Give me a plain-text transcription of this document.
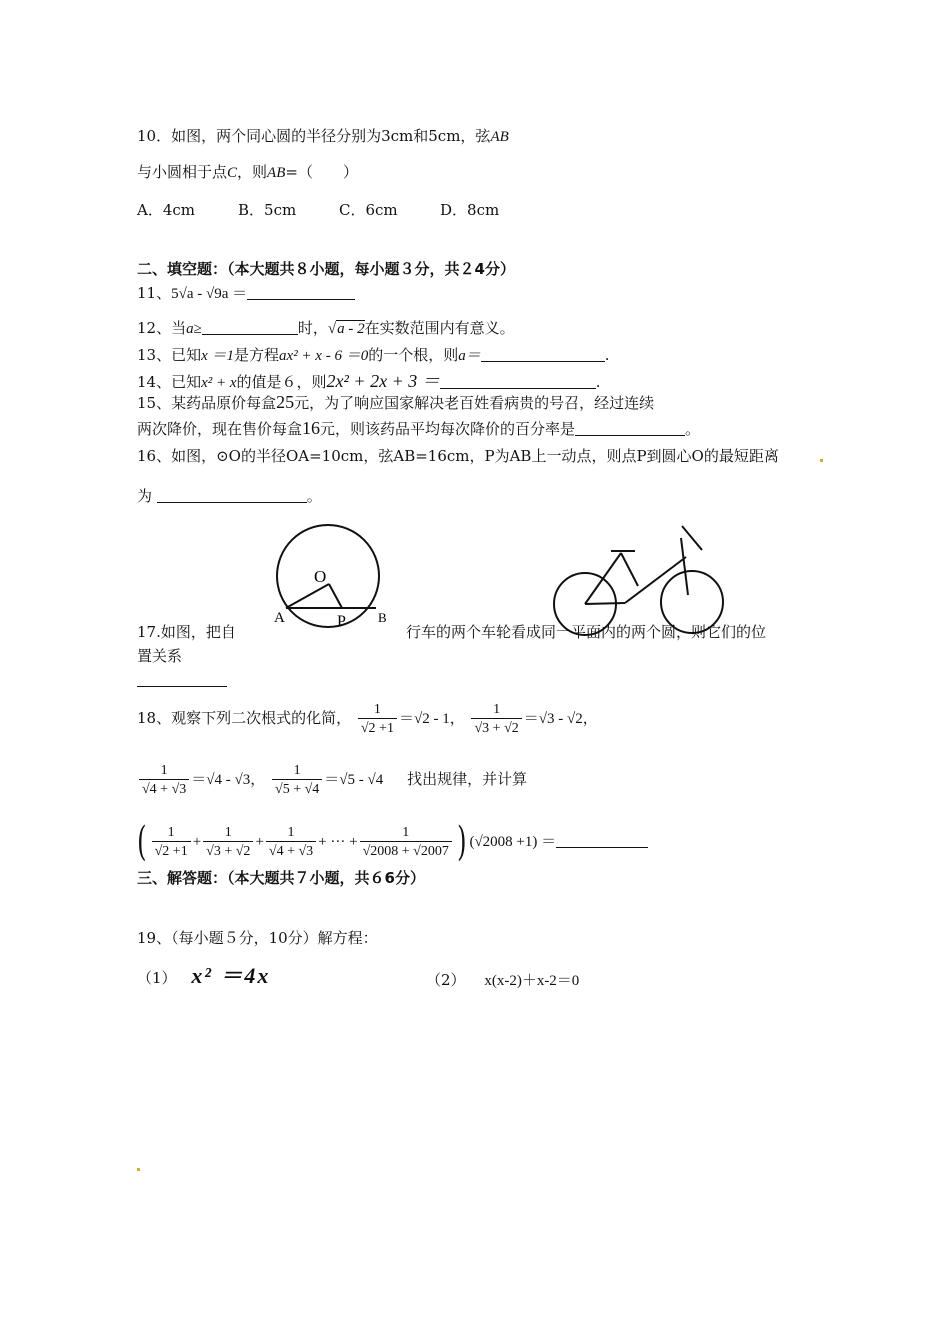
10．如图，两个同心圆的半径分别为3cm和5cm，弦AB
与小圆相于点C，则AB=（　　）
A．4cm	B．5cm	C．6cm	D．8cm
二、填空题：（本大题共８小题，每小题３分，共２4分）
11、5√a - √9a ＝
12、当a≥	时，√a - 2在实数范围内有意义。
13、已知x ＝1是方程ax² + x - 6 ＝0的一个根，则a＝	.
14、已知x² + x的值是６，则2x² + 2x + 3 ＝	.
15、某药品原价每盒25元，为了响应国家解决老百姓看病贵的号召，经过连续
两次降价，现在售价每盒16元，则该药品平均每次降价的百分率是	。
16、如图，⊙O的半径OA=10cm，弦AB=16cm，P为AB上一动点，则点P到圆心O的最短距离
为	。
O
A	P B
17.如图，把自	行车的两个车轮看成同一平面内的两个圆，则它们的位
置关系
18、观察下列二次根式的化简， $\frac{1}{√2 +1} =√2 - 1$， $\frac{1}{√3 + √2} =√3 - √2$，
$\frac{1}{√4 + √3} =√4 - √3$， $\frac{1}{√5 + √4} =√5 - √4$ 找出规律，并计算
( $\frac{1}{√2 +1} + \frac{1}{√3 + √2} + \frac{1}{√4 + √3}$ + ··· + $\frac{1}{√2008 + √2007}$ ) (√2008 +1) ＝
三、解答题：（本大题共７小题，共６6分）
19、（每小题５分，10分）解方程：
（1） x² ＝4x	（2） x(x-2)＋x-2＝0
